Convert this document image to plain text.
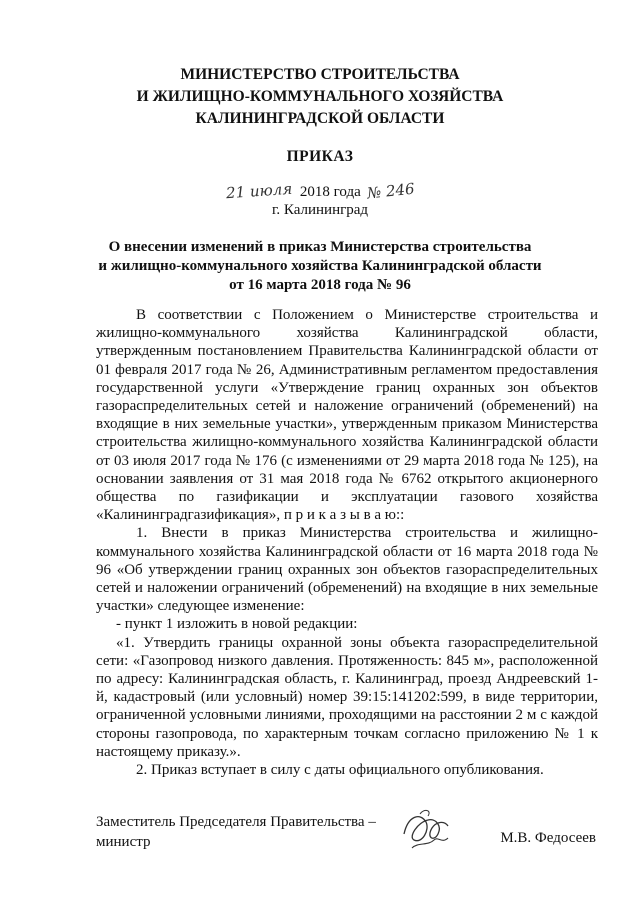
МИНИСТЕРСТВО СТРОИТЕЛЬСТВА
И ЖИЛИЩНО-КОММУНАЛЬНОГО ХОЗЯЙСТВА
КАЛИНИНГРАДСКОЙ ОБЛАСТИ
ПРИКАЗ
21 июля 2018 года № 246
г. Калининград
О внесении изменений в приказ Министерства строительства
и жилищно-коммунального хозяйства Калининградской области
от 16 марта 2018 года № 96

В соответствии с Положением о Министерстве строительства и жилищно-коммунального хозяйства Калининградской области, утвержденным постановлением Правительства Калининградской области от 01 февраля 2017 года № 26, Административным регламентом предоставления государственной услуги «Утверждение границ охранных зон объектов газораспределительных сетей и наложение ограничений (обременений) на входящие в них земельные участки», утвержденным приказом Министерства строительства жилищно-коммунального хозяйства Калининградской области от 03 июля 2017 года № 176 (с изменениями от 29 марта 2018 года № 125), на основании заявления от 31 мая 2018 года № 6762 открытого акционерного общества по газификации и эксплуатации газового хозяйства «Калининградгазификация», п р и к а з ы в а ю::

1. Внести в приказ Министерства строительства и жилищно-коммунального хозяйства Калининградской области от 16 марта 2018 года № 96 «Об утверждении границ охранных зон объектов газораспределительных сетей и наложении ограничений (обременений) на входящие в них земельные участки» следующее изменение:

- пункт 1 изложить в новой редакции:

«1. Утвердить границы охранной зоны объекта газораспределительной сети: «Газопровод низкого давления. Протяженность: 845 м», расположенной по адресу: Калининградская область, г. Калининград, проезд Андреевский 1-й, кадастровый (или условный) номер 39:15:141202:599, в виде территории, ограниченной условными линиями, проходящими на расстоянии 2 м с каждой стороны газопровода, по характерным точкам согласно приложению № 1 к настоящему приказу.».

2. Приказ вступает в силу с даты официального опубликования.

Заместитель Председателя Правительства –
министр	М.В. Федосеев
